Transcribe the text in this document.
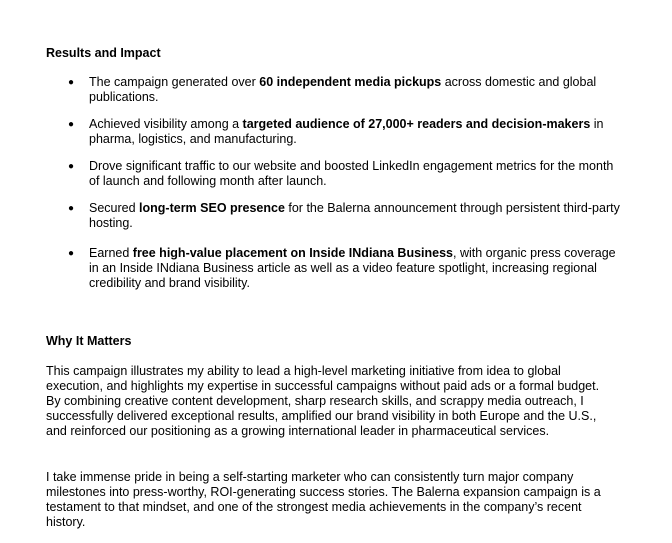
Results and Impact
● The campaign generated over 60 independent media pickups across domestic and global publications.
● Achieved visibility among a targeted audience of 27,000+ readers and decision-makers in pharma, logistics, and manufacturing.
● Drove significant traffic to our website and boosted LinkedIn engagement metrics for the month of launch and following month after launch.
● Secured long-term SEO presence for the Balerna announcement through persistent third-party hosting.
● Earned free high-value placement on Inside INdiana Business, with organic press coverage in an Inside INdiana Business article as well as a video feature spotlight, increasing regional credibility and brand visibility.
Why It Matters

This campaign illustrates my ability to lead a high-level marketing initiative from idea to global execution, and highlights my expertise in successful campaigns without paid ads or a formal budget. By combining creative content development, sharp research skills, and scrappy media outreach, I successfully delivered exceptional results, amplified our brand visibility in both Europe and the U.S., and reinforced our positioning as a growing international leader in pharmaceutical services.

I take immense pride in being a self-starting marketer who can consistently turn major company milestones into press-worthy, ROI-generating success stories. The Balerna expansion campaign is a testament to that mindset, and one of the strongest media achievements in the company’s recent history.
